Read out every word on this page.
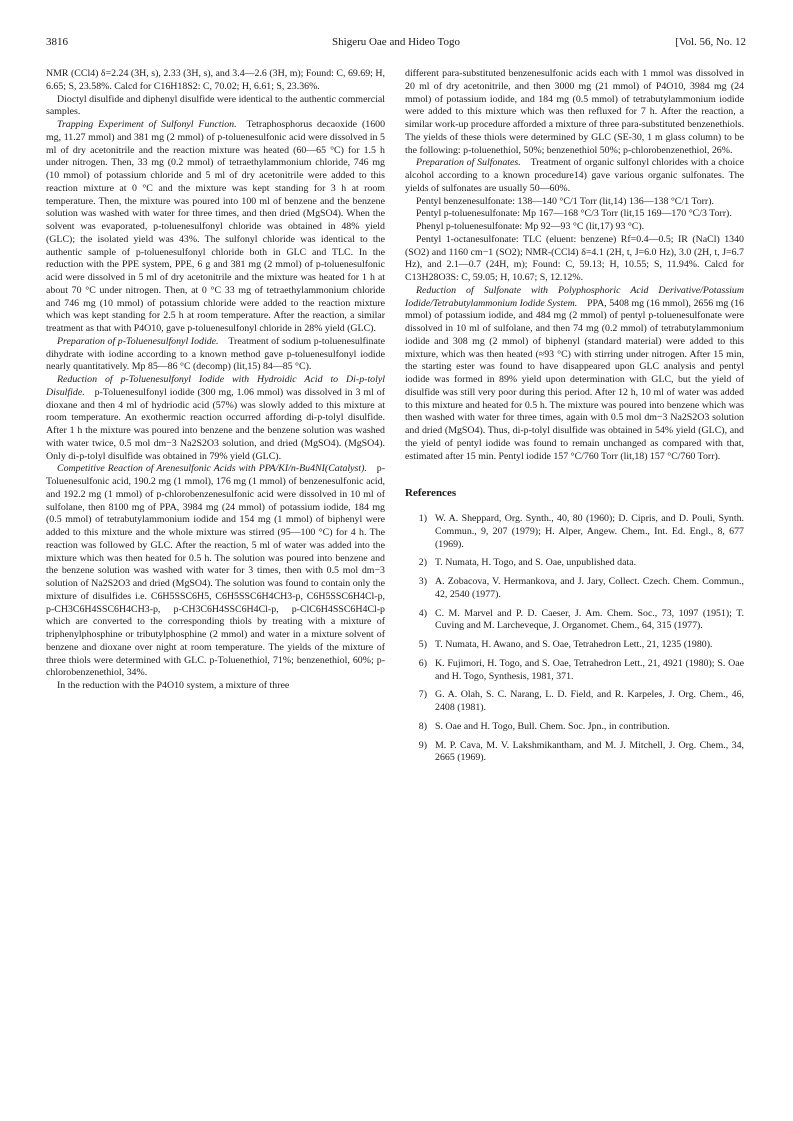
3816	Shigeru Oae and Hideo Togo	[Vol. 56, No. 12

NMR (CCl4) δ=2.24 (3H, s), 2.33 (3H, s), and 3.4—2.6 (3H, m); Found: C, 69.69; H, 6.65; S, 23.58%. Calcd for C16H18S2: C, 70.02; H, 6.61; S, 23.36%.

Dioctyl disulfide and diphenyl disulfide were identical to the authentic commercial samples.

Trapping Experiment of Sulfonyl Function.  Tetraphosphorus decaoxide (1600 mg, 11.27 mmol) and 381 mg (2 mmol) of p-toluenesulfonic acid were dissolved in 5 ml of dry acetonitrile and the reaction mixture was heated (60—65 °C) for 1.5 h under nitrogen. Then, 33 mg (0.2 mmol) of tetraethylammonium chloride, 746 mg (10 mmol) of potassium chloride and 5 ml of dry acetonitrile were added to this reaction mixture at 0 °C and the mixture was kept standing for 3 h at room temperature. Then, the mixture was poured into 100 ml of benzene and the benzene solution was washed with water for three times, and then dried (MgSO4). When the solvent was evaporated, p-toluenesulfonyl chloride was obtained in 48% yield (GLC); the isolated yield was 43%. The sulfonyl chloride was identical to the authentic sample of p-toluenesulfonyl chloride both in GLC and TLC. In the reduction with the PPE system, PPE, 6 g and 381 mg (2 mmol) of p-toluenesulfonic acid were dissolved in 5 ml of dry acetonitrile and the mixture was heated for 1 h at about 70 °C under nitrogen. Then, at 0 °C 33 mg of tetraethylammonium chloride and 746 mg (10 mmol) of potassium chloride were added to the reaction mixture which was kept standing for 2.5 h at room temperature. After the reaction, a similar treatment as that with P4O10, gave p-toluenesulfonyl chloride in 28% yield (GLC).

Preparation of p-Toluenesulfonyl Iodide.  Treatment of sodium p-toluenesulfinate dihydrate with iodine according to a known method gave p-toluenesulfonyl iodide nearly quantitatively. Mp 85—86 °C (decomp) (lit,15) 84—85 °C).

Reduction of p-Toluenesulfonyl Iodide with Hydroidic Acid to Di-p-tolyl Disulfide.  p-Toluenesulfonyl iodide (300 mg, 1.06 mmol) was dissolved in 3 ml of dioxane and then 4 ml of hydriodic acid (57%) was slowly added to this mixture at room temperature. An exothermic reaction occurred affording di-p-tolyl disulfide. After 1 h the mixture was poured into benzene and the benzene solution was washed with water twice, 0.5 mol dm−3 Na2S2O3 solution, and dried (MgSO4). (MgSO4). Only di-p-tolyl disulfide was obtained in 79% yield (GLC).

Competitive Reaction of Arenesulfonic Acids with PPA/KI/n-Bu4NI(Catalyst).  p-Toluenesulfonic acid, 190.2 mg (1 mmol), 176 mg (1 mmol) of benzenesulfonic acid, and 192.2 mg (1 mmol) of p-chlorobenzenesulfonic acid were dissolved in 10 ml of sulfolane, then 8100 mg of PPA, 3984 mg (24 mmol) of potassium iodide, 184 mg (0.5 mmol) of tetrabutylammonium iodide and 154 mg (1 mmol) of biphenyl were added to this mixture and the whole mixture was stirred (95—100 °C) for 4 h. The reaction was followed by GLC. After the reaction, 5 ml of water was added into the mixture which was then heated for 0.5 h. The solution was poured into benzene and the benzene solution was washed with water for 3 times, then with 0.5 mol dm−3 solution of Na2S2O3 and dried (MgSO4). The solution was found to contain only the mixture of disulfides i.e. C6H5SSC6H5, C6H5SSC6H4CH3-p, C6H5SSC6H4Cl-p, p-CH3C6H4SSC6H4CH3-p, p-CH3C6H4SSC6H4Cl-p, p-ClC6H4SSC6H4Cl-p which are converted to the corresponding thiols by treating with a mixture of triphenylphosphine or tributylphosphine (2 mmol) and water in a mixture solvent of benzene and dioxane over night at room temperature. The yields of the mixture of three thiols were determined with GLC. p-Toluenethiol, 71%; benzenethiol, 60%; p-chlorobenzenethiol, 34%.

In the reduction with the P4O10 system, a mixture of three

different para-substituted benzenesulfonic acids each with 1 mmol was dissolved in 20 ml of dry acetonitrile, and then 3000 mg (21 mmol) of P4O10, 3984 mg (24 mmol) of potassium iodide, and 184 mg (0.5 mmol) of tetrabutylammonium iodide were added to this mixture which was then refluxed for 7 h. After the reaction, a similar work-up procedure afforded a mixture of three para-substituted benzenethiols. The yields of these thiols were determined by GLC (SE-30, 1 m glass column) to be the following: p-toluenethiol, 50%; benzenethiol 50%; p-chlorobenzenethiol, 26%.

Preparation of Sulfonates.  Treatment of organic sulfonyl chlorides with a choice alcohol according to a known procedure14) gave various organic sulfonates. The yields of sulfonates are usually 50—60%.

Pentyl benzenesulfonate: 138—140 °C/1 Torr (lit,14) 136—138 °C/1 Torr).

Pentyl p-toluenesulfonate: Mp 167—168 °C/3 Torr (lit,15 169—170 °C/3 Torr).

Phenyl p-toluenesulfonate: Mp 92—93 °C (lit,17) 93 °C).

Pentyl 1-octanesulfonate: TLC (eluent: benzene) Rf=0.4—0.5; IR (NaCl) 1340 (SO2) and 1160 cm−1 (SO2); NMR-(CCl4) δ=4.1 (2H, t, J=6.0 Hz), 3.0 (2H, t, J=6.7 Hz), and 2.1—0.7 (24H, m); Found: C, 59.13; H, 10.55; S, 11.94%. Calcd for C13H28O3S: C, 59.05; H, 10.67; S, 12.12%.

Reduction of Sulfonate with Polyphosphoric Acid Derivative/Potassium Iodide/Tetrabutylammonium Iodide System.  PPA, 5408 mg (16 mmol), 2656 mg (16 mmol) of potassium iodide, and 484 mg (2 mmol) of pentyl p-toluenesulfonate were dissolved in 10 ml of sulfolane, and then 74 mg (0.2 mmol) of tetrabutylammonium iodide and 308 mg (2 mmol) of biphenyl (standard material) were added to this mixture, which was then heated (≈93 °C) with stirring under nitrogen. After 15 min, the starting ester was found to have disappeared upon GLC analysis and pentyl iodide was formed in 89% yield upon determination with GLC, but the yield of disulfide was still very poor during this period. After 12 h, 10 ml of water was added to this mixture and heated for 0.5 h. The mixture was poured into benzene which was then washed with water for three times, again with 0.5 mol dm−3 Na2S2O3 solution and dried (MgSO4). Thus, di-p-tolyl disulfide was obtained in 54% yield (GLC), and the yield of pentyl iodide was found to remain unchanged as compared with that, estimated after 15 min. Pentyl iodide 157 °C/760 Torr (lit,18) 157 °C/760 Torr).

References
1) W. A. Sheppard, Org. Synth., 40, 80 (1960); D. Cipris, and D. Pouli, Synth. Commun., 9, 207 (1979); H. Alper, Angew. Chem., Int. Ed. Engl., 8, 677 (1969).
2) T. Numata, H. Togo, and S. Oae, unpublished data.
3) A. Zobacova, V. Hermankova, and J. Jary, Collect. Czech. Chem. Commun., 42, 2540 (1977).
4) C. M. Marvel and P. D. Caeser, J. Am. Chem. Soc., 73, 1097 (1951); T. Cuving and M. Larcheveque, J. Organomet. Chem., 64, 315 (1977).
5) T. Numata, H. Awano, and S. Oae, Tetrahedron Lett., 21, 1235 (1980).
6) K. Fujimori, H. Togo, and S. Oae, Tetrahedron Lett., 21, 4921 (1980); S. Oae and H. Togo, Synthesis, 1981, 371.
7) G. A. Olah, S. C. Narang, L. D. Field, and R. Karpeles, J. Org. Chem., 46, 2408 (1981).
8) S. Oae and H. Togo, Bull. Chem. Soc. Jpn., in contribution.
9) M. P. Cava, M. V. Lakshmikantham, and M. J. Mitchell, J. Org. Chem., 34, 2665 (1969).
